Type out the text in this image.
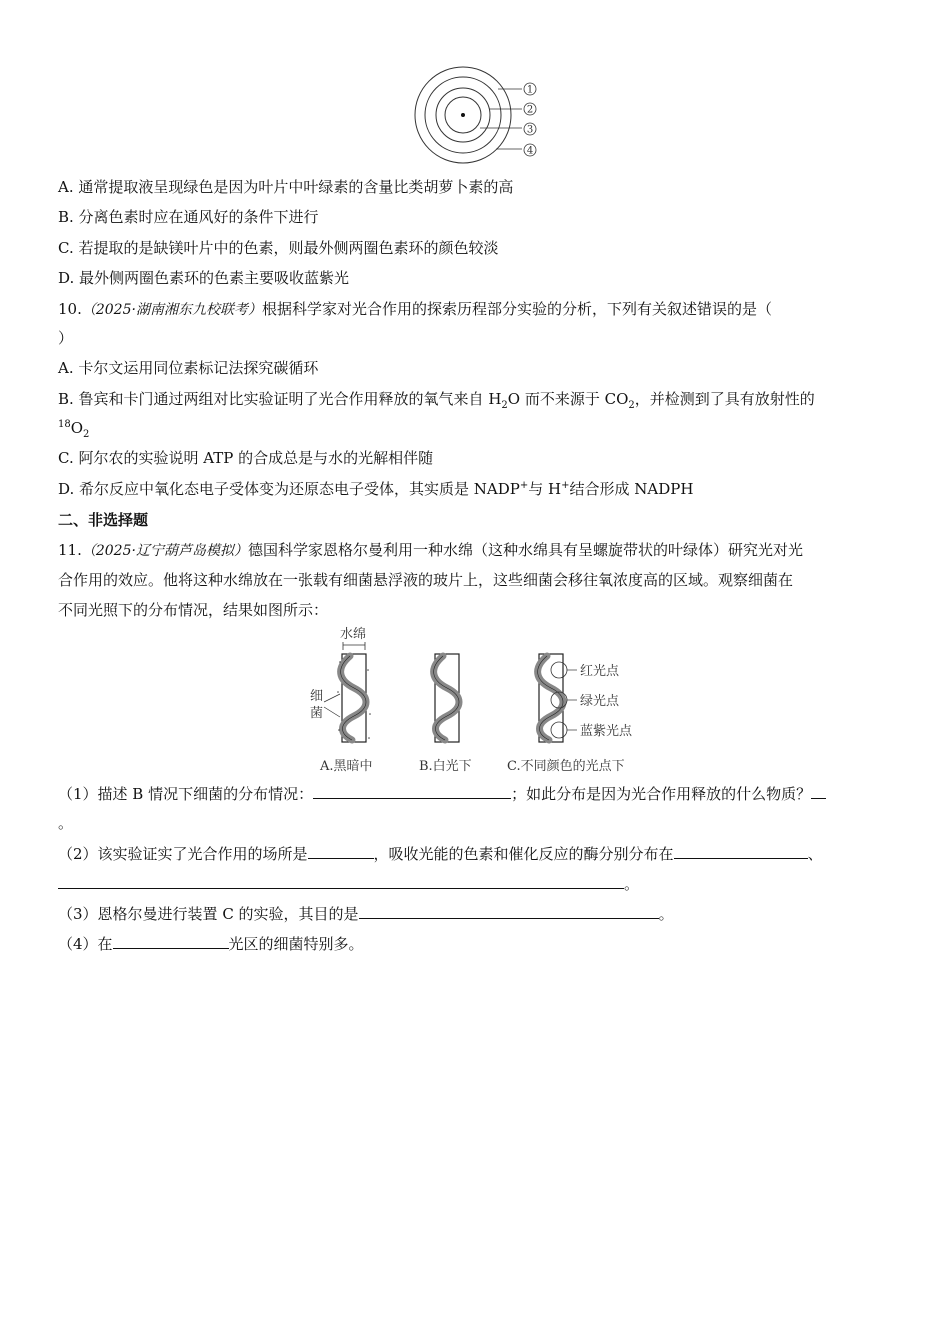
1
2
3
4
A. 通常提取液呈现绿色是因为叶片中叶绿素的含量比类胡萝卜素的高
B. 分离色素时应在通风好的条件下进行
C. 若提取的是缺镁叶片中的色素，则最外侧两圈色素环的颜色较淡
D. 最外侧两圈色素环的色素主要吸收蓝紫光
10.（2025·湖南湘东九校联考）根据科学家对光合作用的探索历程部分实验的分析，下列有关叙述错误的是（
）
A. 卡尔文运用同位素标记法探究碳循环
B. 鲁宾和卡门通过两组对比实验证明了光合作用释放的氧气来自 $H_2O$ 而不来源于 $CO_2$，并检测到了具有放射性的
$^{18}O_2$
C. 阿尔农的实验说明 ATP 的合成总是与水的光解相伴随
D. 希尔反应中氧化态电子受体变为还原态电子受体，其实质是 NADP+与 H+结合形成 NADPH
二、非选择题
11.（2025·辽宁葫芦岛模拟）德国科学家恩格尔曼利用一种水绵（这种水绵具有呈螺旋带状的叶绿体）研究光对光
合作用的效应。他将这种水绵放在一张载有细菌悬浮液的玻片上，这些细菌会移往氧浓度高的区域。观察细菌在
不同光照下的分布情况，结果如图所示：
水绵
细
菌
红光点
绿光点
蓝紫光点
A.黑暗中	B.白光下	C.不同颜色的光点下
（1）描述 B 情况下细菌的分布情况：	；如此分布是因为光合作用释放的什么物质？
。
（2）该实验证实了光合作用的场所是	，吸收光能的色素和催化反应的酶分别分布在	、
。
（3）恩格尔曼进行装置 C 的实验，其目的是	。
（4）在	光区的细菌特别多。
